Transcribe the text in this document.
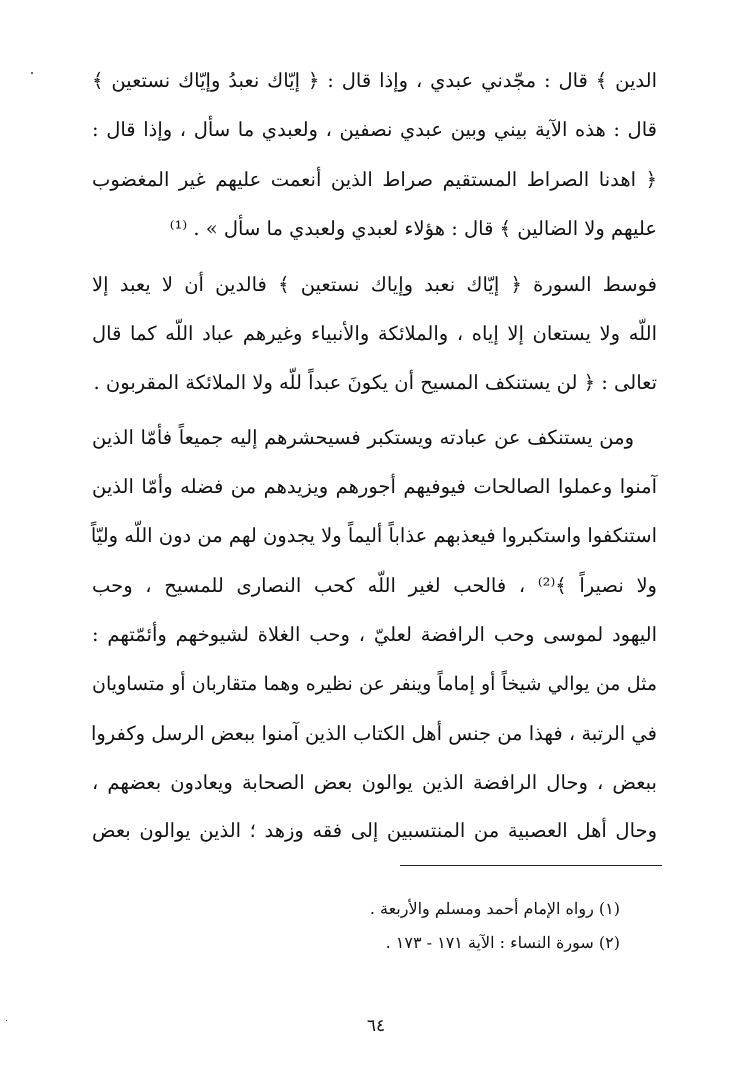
الدين ﴾ قال : مجّدني عبدي ، وإذا قال : ﴿ إيّاك نعبدُ وإيّاك نستعين ﴾
قال : هذه الآية بيني وبين عبدي نصفين ، ولعبدي ما سأل ، وإذا قال :
﴿ اهدنا الصراط المستقيم صراط الذين أنعمت عليهم غير المغضوب
عليهم ولا الضالين ﴾ قال : هؤلاء لعبدي ولعبدي ما سأل » . ⁽¹⁾
فوسط السورة ﴿ إيّاك نعبد وإياك نستعين ﴾ فالدين أن لا يعبد إلا
اللّه ولا يستعان إلا إياه ، والملائكة والأنبياء وغيرهم عباد اللّه كما قال
تعالى : ﴿ لن يستنكف المسيح أن يكونَ عبداً للّه ولا الملائكة المقربون .
ومن يستنكف عن عبادته ويستكبر فسيحشرهم إليه جميعاً فأمّا الذين
آمنوا وعملوا الصالحات فيوفيهم أجورهم ويزيدهم من فضله وأمّا الذين
استنكفوا واستكبروا فيعذبهم عذاباً أليماً ولا يجدون لهم من دون اللّه وليّاً
ولا نصيراً ﴾⁽²⁾ ، فالحب لغير اللّه كحب النصارى للمسيح ، وحب
اليهود لموسى وحب الرافضة لعليّ ، وحب الغلاة لشيوخهم وأئمّتهم :
مثل من يوالي شيخاً أو إماماً وينفر عن نظيره وهما متقاربان أو متساويان
في الرتبة ، فهذا من جنس أهل الكتاب الذين آمنوا ببعض الرسل وكفروا
ببعض ، وحال الرافضة الذين يوالون بعض الصحابة ويعادون بعضهم ،
وحال أهل العصبية من المنتسبين إلى فقه وزهد ؛ الذين يوالون بعض
(١) رواه الإمام أحمد ومسلم والأربعة .
(٢) سورة النساء : الآية ١٧١ - ١٧٣ .
٦٤
